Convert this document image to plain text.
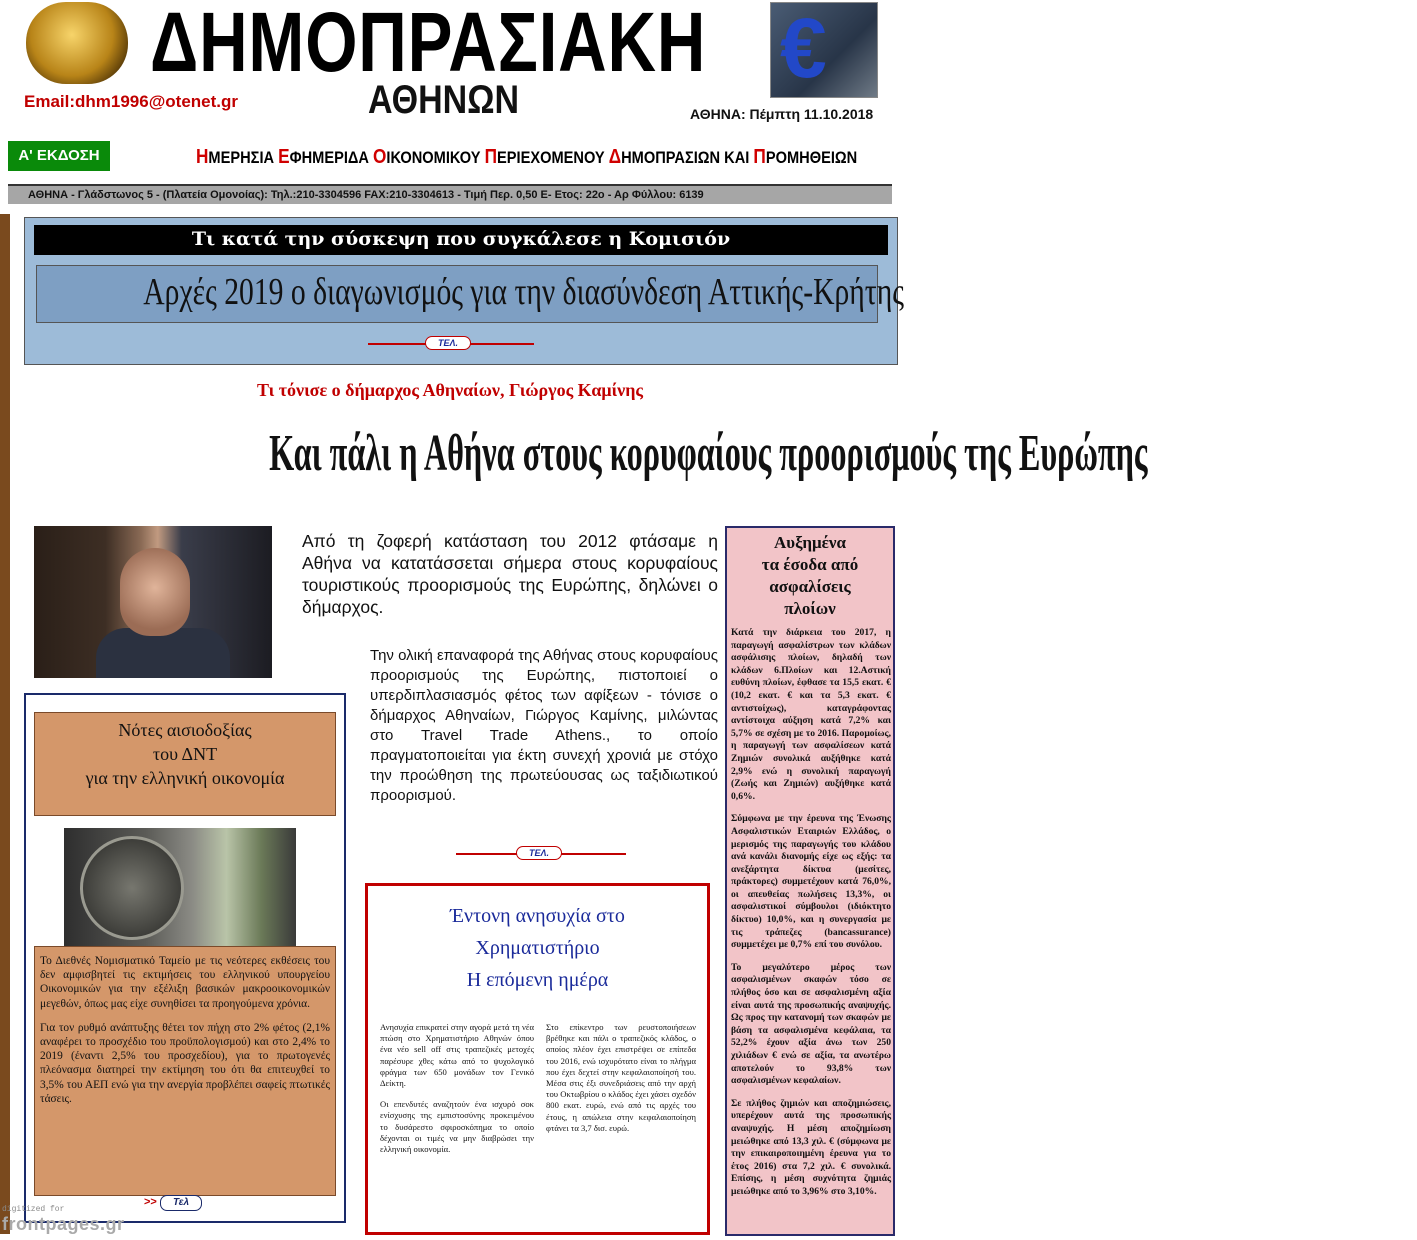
ΔΗΜΟΠΡΑΣΙΑΚΗ
ΑΘΗΝΩΝ
€
Email:dhm1996@otenet.gr
ΑΘΗΝΑ: Πέμπτη 11.10.2018
Α' ΕΚΔΟΣΗ	ΗΜΕΡΗΣΙΑ ΕΦΗΜΕΡΙΔΑ ΟΙΚΟΝΟΜΙΚΟΥ ΠΕΡΙΕΧΟΜΕΝΟΥ ΔΗΜΟΠΡΑΣΙΩΝ ΚΑΙ ΠΡΟΜΗΘΕΙΩΝ
ΑΘΗΝΑ - Γλάδστωνος 5 - (Πλατεία Ομονοίας): Τηλ.:210-3304596 FAX:210-3304613 - Τιμή Περ. 0,50 Ε- Ετος: 22ο - Αρ Φύλλου: 6139
Τι κατά την σύσκεψη που συγκάλεσε η Κομισιόν
Αρχές 2019 ο διαγωνισμός για την διασύνδεση Αττικής-Κρήτης
ΤΕΛ.
Τι τόνισε ο δήμαρχος Αθηναίων, Γιώργος Καμίνης
Και πάλι η Αθήνα στους κορυφαίους προορισμούς της Ευρώπης
Από τη ζοφερή κατάσταση του 2012 φτάσαμε η Αθήνα να κατατάσσεται σήμερα στους κορυφαίους τουριστικούς προορισμούς της Ευρώπης, δηλώνει ο δήμαρχος.
Την ολική επαναφορά της Αθήνας στους κορυφαίους προορισμούς της Ευρώπης, πιστοποιεί ο υπερδιπλασιασμός φέτος των αφίξεων - τόνισε ο δήμαρχος Αθηναίων, Γιώργος Καμίνης, μιλώντας στο Travel Trade Athens., το οποίο πραγματοποιείται για έκτη συνεχή χρονιά με στόχο την προώθηση της πρωτεύουσας ως ταξιδιωτικού προορισμού.
ΤΕΛ.
Αυξημένα
τα έσοδα από
ασφαλίσεις
πλοίων

Κατά την διάρκεια του 2017, η παραγωγή ασφαλίστρων των κλάδων ασφάλισης πλοίων, δηλαδή των κλάδων 6.Πλοίων και 12.Αστική ευθύνη πλοίων, έφθασε τα 15,5 εκατ. € (10,2 εκατ. € και τα 5,3 εκατ. € αντιστοίχως), καταγράφοντας αντίστοιχα αύξηση κατά 7,2% και 5,7% σε σχέση με το 2016. Παρομοίως, η παραγωγή των ασφαλίσεων κατά Ζημιών συνολικά αυξήθηκε κατά 2,9% ενώ η συνολική παραγωγή (Ζωής και Ζημιών) αυξήθηκε κατά 0,6%.

Σύμφωνα με την έρευνα της Ένωσης Ασφαλιστικών Εταιριών Ελλάδος, ο μερισμός της παραγωγής του κλάδου ανά κανάλι διανομής είχε ως εξής: τα ανεξάρτητα δίκτυα (μεσίτες, πράκτορες) συμμετέχουν κατά 76,0%, οι απευθείας πωλήσεις 13,3%, οι ασφαλιστικοί σύμβουλοι (ιδιόκτητο δίκτυο) 10,0%, και η συνεργασία με τις τράπεζες (bancassurance) συμμετέχει με 0,7% επί του συνόλου.

Το μεγαλύτερο μέρος των ασφαλισμένων σκαφών τόσο σε πλήθος όσο και σε ασφαλισμένη αξία είναι αυτά της προσωπικής αναψυχής. Ως προς την κατανομή των σκαφών με βάση τα ασφαλισμένα κεφάλαια, τα 52,2% έχουν αξία άνω των 250 χιλιάδων € ενώ σε αξία, τα ανωτέρω αποτελούν το 93,8% των ασφαλισμένων κεφαλαίων.

Σε πλήθος ζημιών και αποζημιώσεις, υπερέχουν αυτά της προσωπικής αναψυχής. Η μέση αποζημίωση μειώθηκε από 13,3 χιλ. € (σύμφωνα με την επικαιροποιημένη έρευνα για το έτος 2016) στα 7,2 χιλ. € συνολικά. Επίσης, η μέση συχνότητα ζημιάς μειώθηκε από το 3,96% στο 3,10%.

Νότες αισιοδοξίας
του ΔΝΤ
για την ελληνική οικονομία

Το Διεθνές Νομισματικό Ταμείο με τις νεότερες εκθέσεις του δεν αμφισβητεί τις εκτιμήσεις του ελληνικού υπουργείου Οικονομικών για την εξέλιξη βασικών μακροοικονομικών μεγεθών, όπως μας είχε συνηθίσει τα προηγούμενα χρόνια.

Για τον ρυθμό ανάπτυξης θέτει τον πήχη στο 2% φέτος (2,1% αναφέρει το προσχέδιο του προϋπολογισμού) και στο 2,4% το 2019 (έναντι 2,5% του προσχεδίου), για το πρωτογενές πλεόνασμα διατηρεί την εκτίμηση του ότι θα επιτευχθεί το 3,5% του ΑΕΠ ενώ για την ανεργία προβλέπει σαφείς πτωτικές τάσεις.

>>	Τελ
Έντονη ανησυχία στο
Χρηματιστήριο
Η επόμενη ημέρα

Ανησυχία επικρατεί στην αγορά μετά τη νέα πτώση στο Χρηματιστήριο Αθηνών όπου ένα νέο sell off στις τραπεζικές μετοχές παρέσυρε χθες κάτω από το ψυχολογικό φράγμα των 650 μονάδων τον Γενικό Δείκτη.

Οι επενδυτές αναζητούν ένα ισχυρό σοκ ενίσχυσης της εμπιστοσύνης προκειμένου το δυσάρεστο σφιροσκόπημα το οποίο δέχονται οι τιμές να μην διαβρώσει την ελληνική οικονομία.

Στο επίκεντρο των ρευστοποιήσεων βρέθηκε και πάλι ο τραπεζικός κλάδος, ο οποίος πλέον έχει επιστρέψει σε επίπεδα του 2016, ενώ ισχυρότατο είναι το πλήγμα που έχει δεχτεί στην κεφαλαιοποίησή του. Μέσα στις έξι συνεδριάσεις από την αρχή του Οκτωβρίου ο κλάδος έχει χάσει σχεδόν 800 εκατ. ευρώ, ενώ από τις αρχές του έτους, η απώλεια στην κεφαλαιοποίηση φτάνει τα 3,7 δισ. ευρώ.

digitized for
frontpages.gr
